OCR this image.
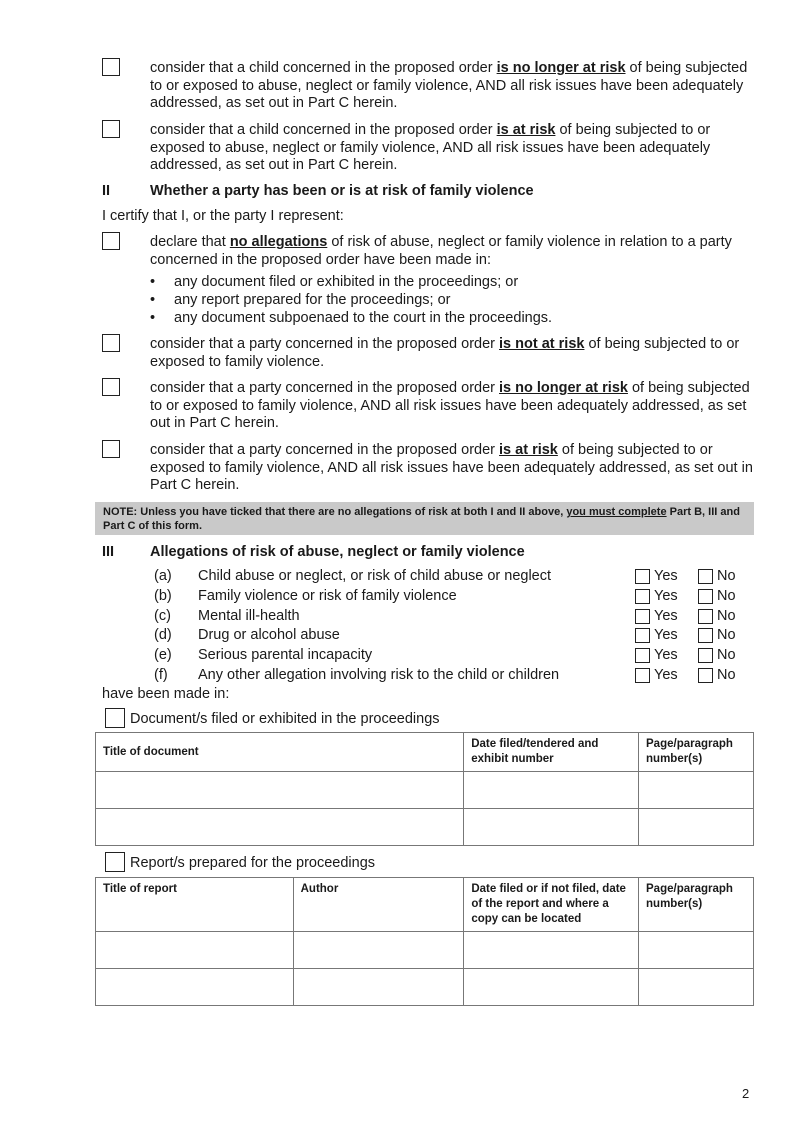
consider that a child concerned in the proposed order is no longer at risk of being subjected to or exposed to abuse, neglect or family violence, AND all risk issues have been adequately addressed, as set out in Part C herein.
consider that a child concerned in the proposed order is at risk of being subjected to or exposed to abuse, neglect or family violence, AND all risk issues have been adequately addressed, as set out in Part C herein.
II	Whether a party has been or is at risk of family violence
I certify that I, or the party I represent:
declare that no allegations of risk of abuse, neglect or family violence in relation to a party concerned in the proposed order have been made in:
•	any document filed or exhibited in the proceedings; or
•	any report prepared for the proceedings; or
•	any document subpoenaed to the court in the proceedings.
consider that a party concerned in the proposed order is not at risk of being subjected to or exposed to family violence.
consider that a party concerned in the proposed order is no longer at risk of being subjected to or exposed to family violence, AND all risk issues have been adequately addressed, as set out in Part C herein.
consider that a party concerned in the proposed order is at risk of being subjected to or exposed to family violence, AND all risk issues have been adequately addressed, as set out in Part C herein.
NOTE: Unless you have ticked that there are no allegations of risk at both I and II above, you must complete Part B, III and Part C of this form.
III Allegations of risk of abuse, neglect or family violence
(a) Child abuse or neglect, or risk of child abuse or neglect	Yes	No
(b) Family violence or risk of family violence	Yes	No
(c) Mental ill-health	Yes	No
(d) Drug or alcohol abuse	Yes	No
(e) Serious parental incapacity	Yes	No
(f) Any other allegation involving risk to the child or children	Yes	No
have been made in:
Document/s filed or exhibited in the proceedings
Title of document	Date filed/tendered and exhibit number	Page/paragraph number(s)

Report/s prepared for the proceedings
Title of report	Author	Date filed or if not filed, date of the report and where a copy can be located	Page/paragraph number(s)

2
